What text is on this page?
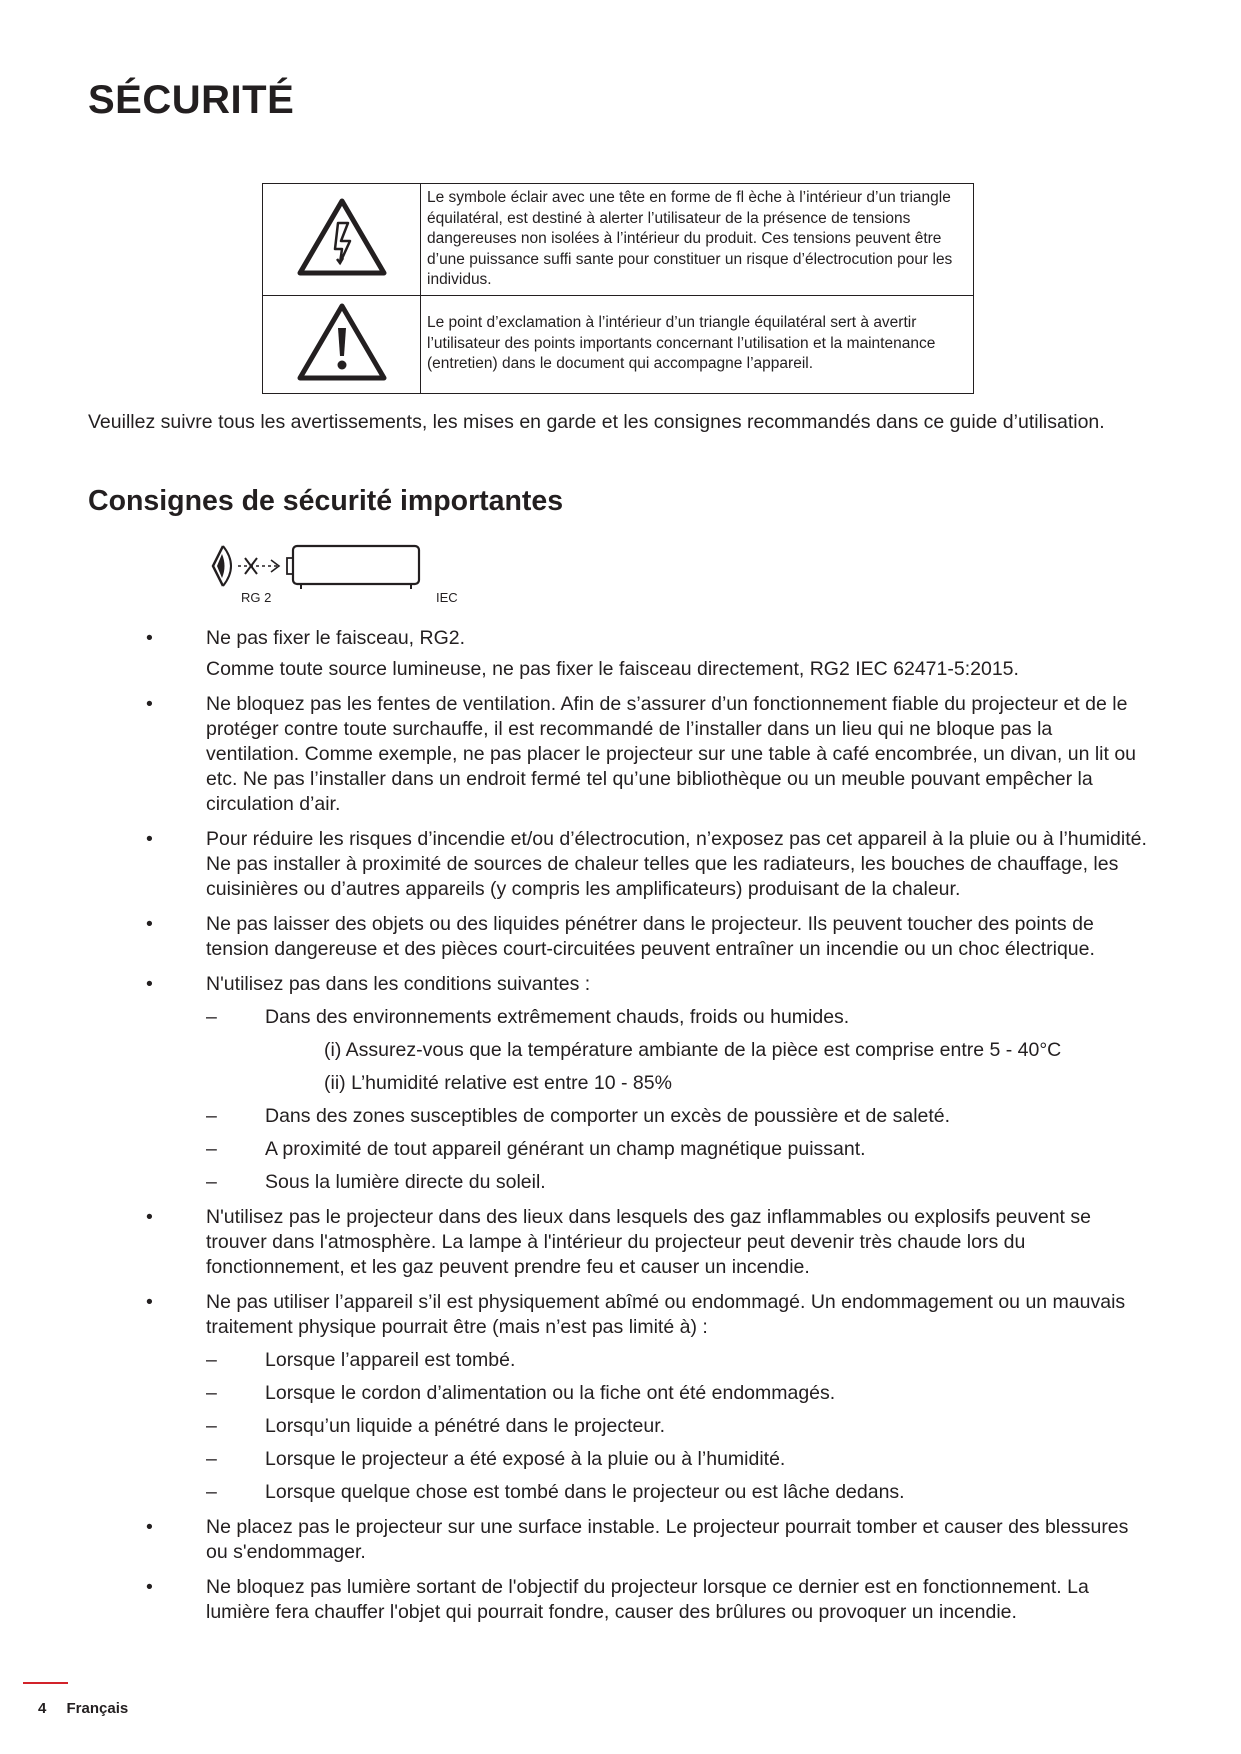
SÉCURITÉ
	Le symbole éclair avec une tête en forme de fl èche à l’intérieur d’un triangle équilatéral, est destiné à alerter l’utilisateur de la présence de tensions dangereuses non isolées à l’intérieur du produit. Ces tensions peuvent être d’une puissance suffi sante pour constituer un risque d’électrocution pour les individus.
	Le point d’exclamation à l’intérieur d’un triangle équilatéral sert à avertir l’utilisateur des points importants concernant l’utilisation et la maintenance (entretien) dans le document qui accompagne l’appareil.
Veuillez suivre tous les avertissements, les mises en garde et les consignes recommandés dans ce guide d’utilisation.
Consignes de sécurité importantes
RG 2	IEC
•	Ne pas fixer le faisceau, RG2.
Comme toute source lumineuse, ne pas fixer le faisceau directement, RG2 IEC 62471-5:2015.
•	Ne bloquez pas les fentes de ventilation. Afin de s’assurer d’un fonctionnement fiable du projecteur et de le protéger contre toute surchauffe, il est recommandé de l’installer dans un lieu qui ne bloque pas la ventilation. Comme exemple, ne pas placer le projecteur sur une table à café encombrée, un divan, un lit ou etc. Ne pas l’installer dans un endroit fermé tel qu’une bibliothèque ou un meuble pouvant empêcher la circulation d’air.
•	Pour réduire les risques d’incendie et/ou d’électrocution, n’exposez pas cet appareil à la pluie ou à l’humidité. Ne pas installer à proximité de sources de chaleur telles que les radiateurs, les bouches de chauffage, les cuisinières ou d’autres appareils (y compris les amplificateurs) produisant de la chaleur.
•	Ne pas laisser des objets ou des liquides pénétrer dans le projecteur. Ils peuvent toucher des points de tension dangereuse et des pièces court-circuitées peuvent entraîner un incendie ou un choc électrique.
•	N'utilisez pas dans les conditions suivantes :
– Dans des environnements extrêmement chauds, froids ou humides.
(i) Assurez-vous que la température ambiante de la pièce est comprise entre 5 - 40°C
(ii) L’humidité relative est entre 10 - 85%
– Dans des zones susceptibles de comporter un excès de poussière et de saleté.
– A proximité de tout appareil générant un champ magnétique puissant.
– Sous la lumière directe du soleil.
•	N'utilisez pas le projecteur dans des lieux dans lesquels des gaz inflammables ou explosifs peuvent se trouver dans l'atmosphère. La lampe à l'intérieur du projecteur peut devenir très chaude lors du fonctionnement, et les gaz peuvent prendre feu et causer un incendie.
•	Ne pas utiliser l’appareil s’il est physiquement abîmé ou endommagé. Un endommagement ou un mauvais traitement physique pourrait être (mais n’est pas limité à) :
– Lorsque l’appareil est tombé.
– Lorsque le cordon d’alimentation ou la fiche ont été endommagés.
– Lorsqu’un liquide a pénétré dans le projecteur.
– Lorsque le projecteur a été exposé à la pluie ou à l’humidité.
– Lorsque quelque chose est tombé dans le projecteur ou est lâche dedans.
•	Ne placez pas le projecteur sur une surface instable. Le projecteur pourrait tomber et causer des blessures ou s'endommager.
•	Ne bloquez pas lumière sortant de l'objectif du projecteur lorsque ce dernier est en fonctionnement. La lumière fera chauffer l'objet qui pourrait fondre, causer des brûlures ou provoquer un incendie.
4 Français
